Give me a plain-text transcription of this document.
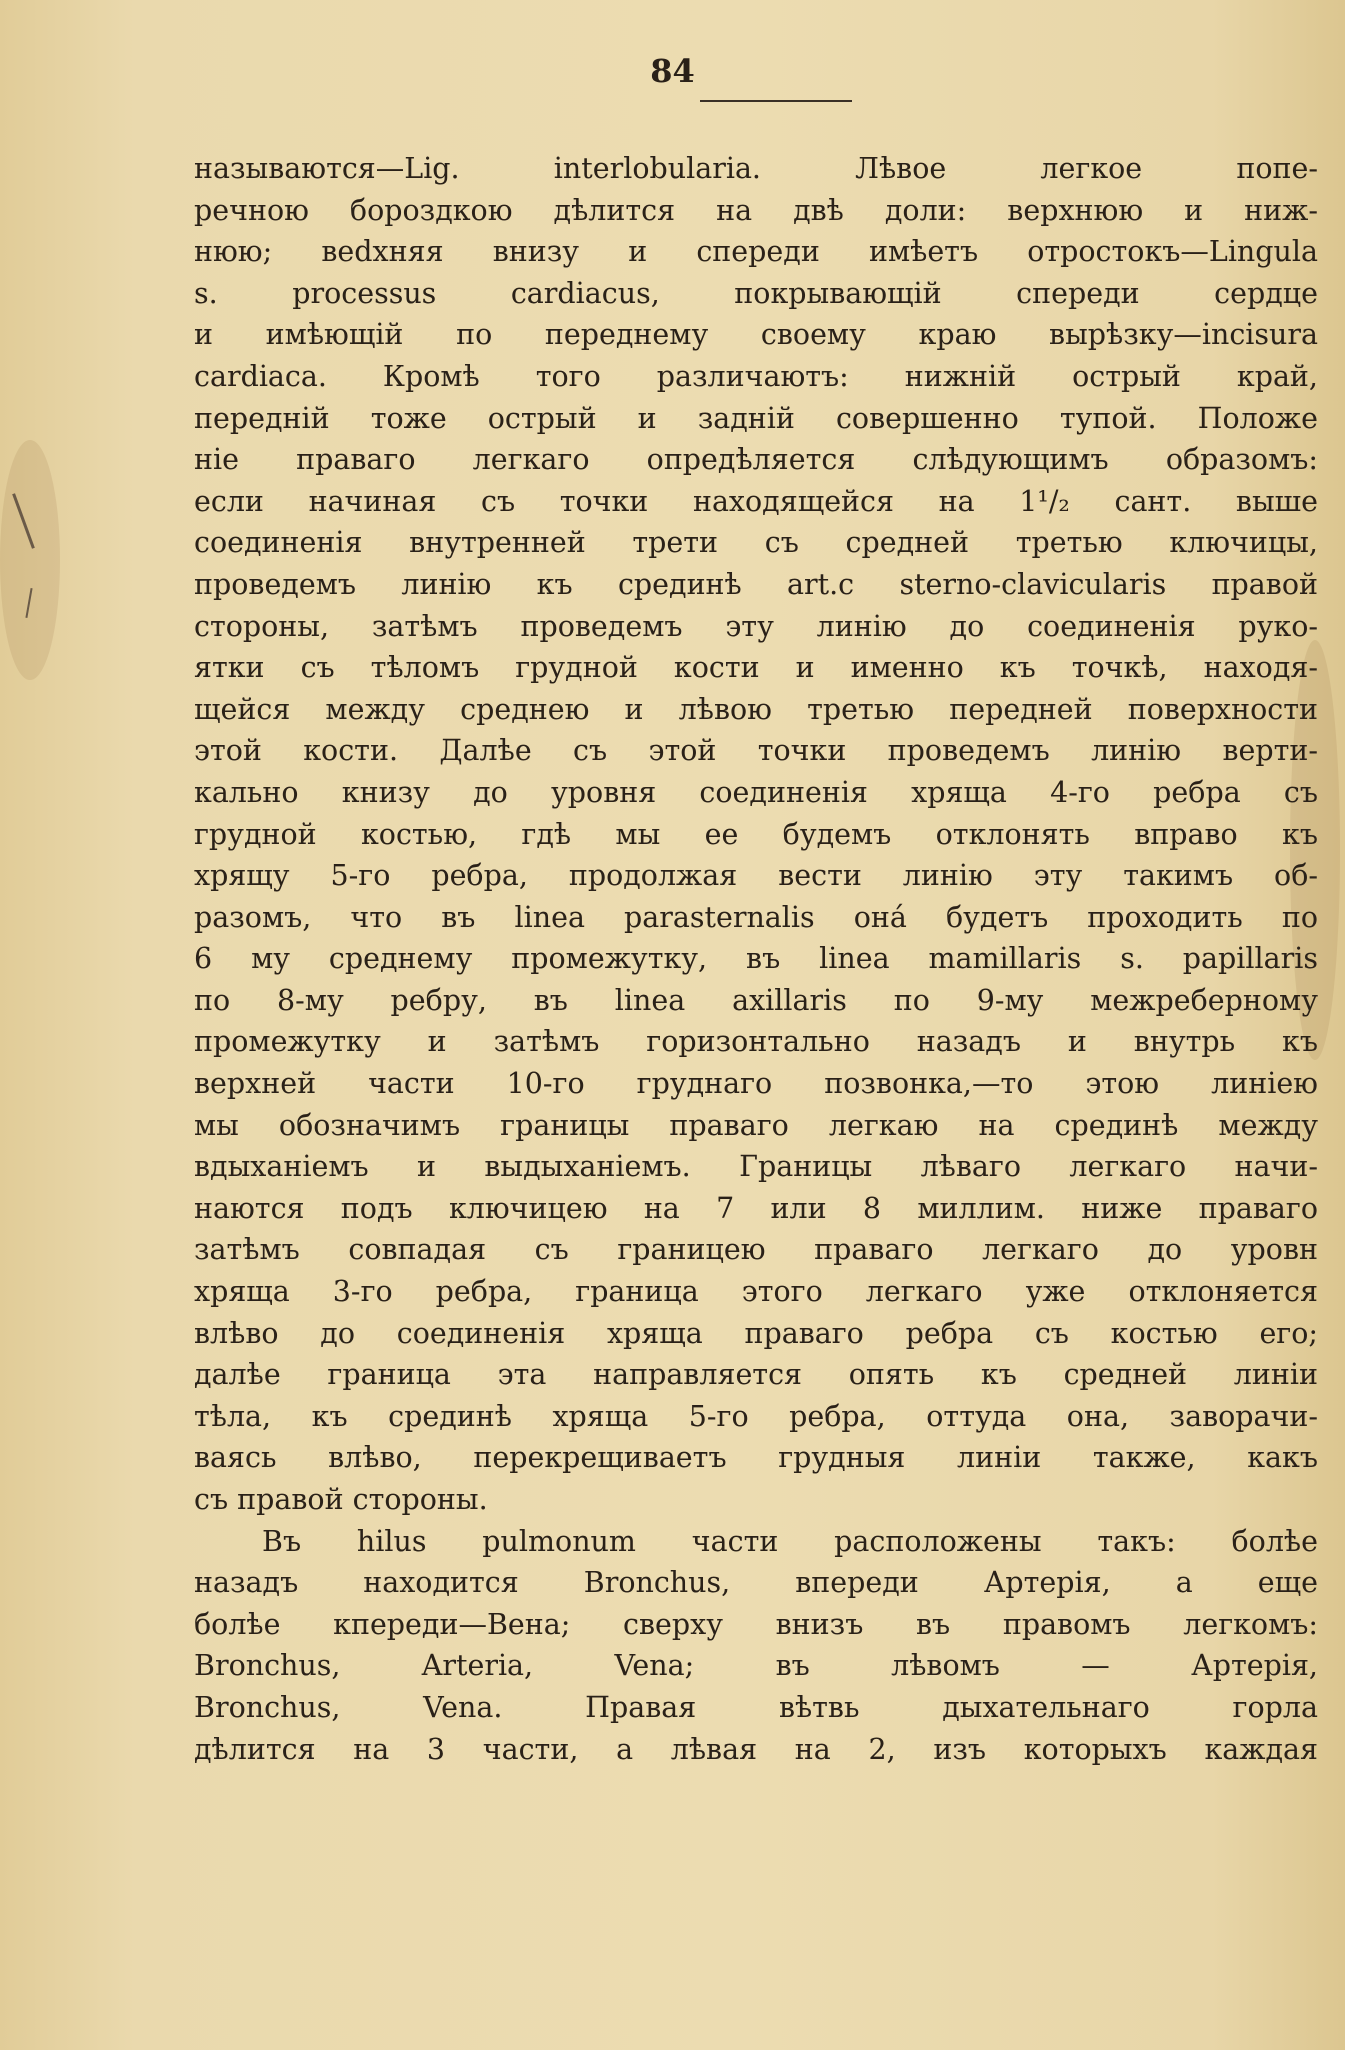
84
называются—Lig. interlobularia. Лѣвое легкое попе-
речною бороздкою дѣлится на двѣ доли: верхнюю и ниж-
нюю; веdхняя внизу и спереди имѣетъ отростокъ—Lingula
s. processus cardiacus, покрывающій спереди сердце
и имѣющій по переднему своему краю вырѣзку—incisura
cardiaca. Кромѣ того различаютъ: нижній острый край,
передній тоже острый и задній совершенно тупой. Положе
ніе праваго легкаго опредѣляется слѣдующимъ образомъ:
если начиная съ точки находящейся на 1¹/₂ сант. выше
соединенія внутренней трети съ средней третью ключицы,
проведемъ линію къ срединѣ art.c sterno-clavicularis правой
стороны, затѣмъ проведемъ эту линію до соединенія руко-
ятки съ тѣломъ грудной кости и именно къ точкѣ, находя-
щейся между среднею и лѣвою третью передней поверхности
этой кости. Далѣе съ этой точки проведемъ линію верти-
кально книзу до уровня соединенія хряща 4-го ребра съ
грудной костью, гдѣ мы ее будемъ отклонять вправо къ
хрящу 5-го ребра, продолжая вести линію эту такимъ об-
разомъ, что въ linea parasternalis онá будетъ проходить по
6 му среднему промежутку, въ linea mamillaris s. papillaris
по 8-му ребру, въ linea axillaris по 9-му межреберному
промежутку и затѣмъ горизонтально назадъ и внутрь къ
верхней части 10-го груднаго позвонка,—то этою линіею
мы обозначимъ границы праваго легкаю на срединѣ между
вдыханіемъ и выдыханіемъ. Границы лѣваго легкаго начи-
наются подъ ключицею на 7 или 8 миллим. ниже праваго
затѣмъ совпадая съ границею праваго легкаго до уровн
хряща 3-го ребра, граница этого легкаго уже отклоняется
влѣво до соединенія хряща праваго ребра съ костью его;
далѣе граница эта направляется опять къ средней линіи
тѣла, къ срединѣ хряща 5-го ребра, оттуда она, заворачи-
ваясь влѣво, перекрещиваетъ грудныя линіи также, какъ
съ правой стороны.
Въ hilus pulmonum части расположены такъ: болѣе
назадъ находится Bronchus, впереди Артерія, а еще
болѣе кпереди—Вена; сверху внизъ въ правомъ легкомъ:
Bronchus, Arteria, Vena; въ лѣвомъ — Артерія,
Bronchus, Vena. Правая вѣтвь дыхательнаго горла
дѣлится на 3 части, а лѣвая на 2, изъ которыхъ каждая
